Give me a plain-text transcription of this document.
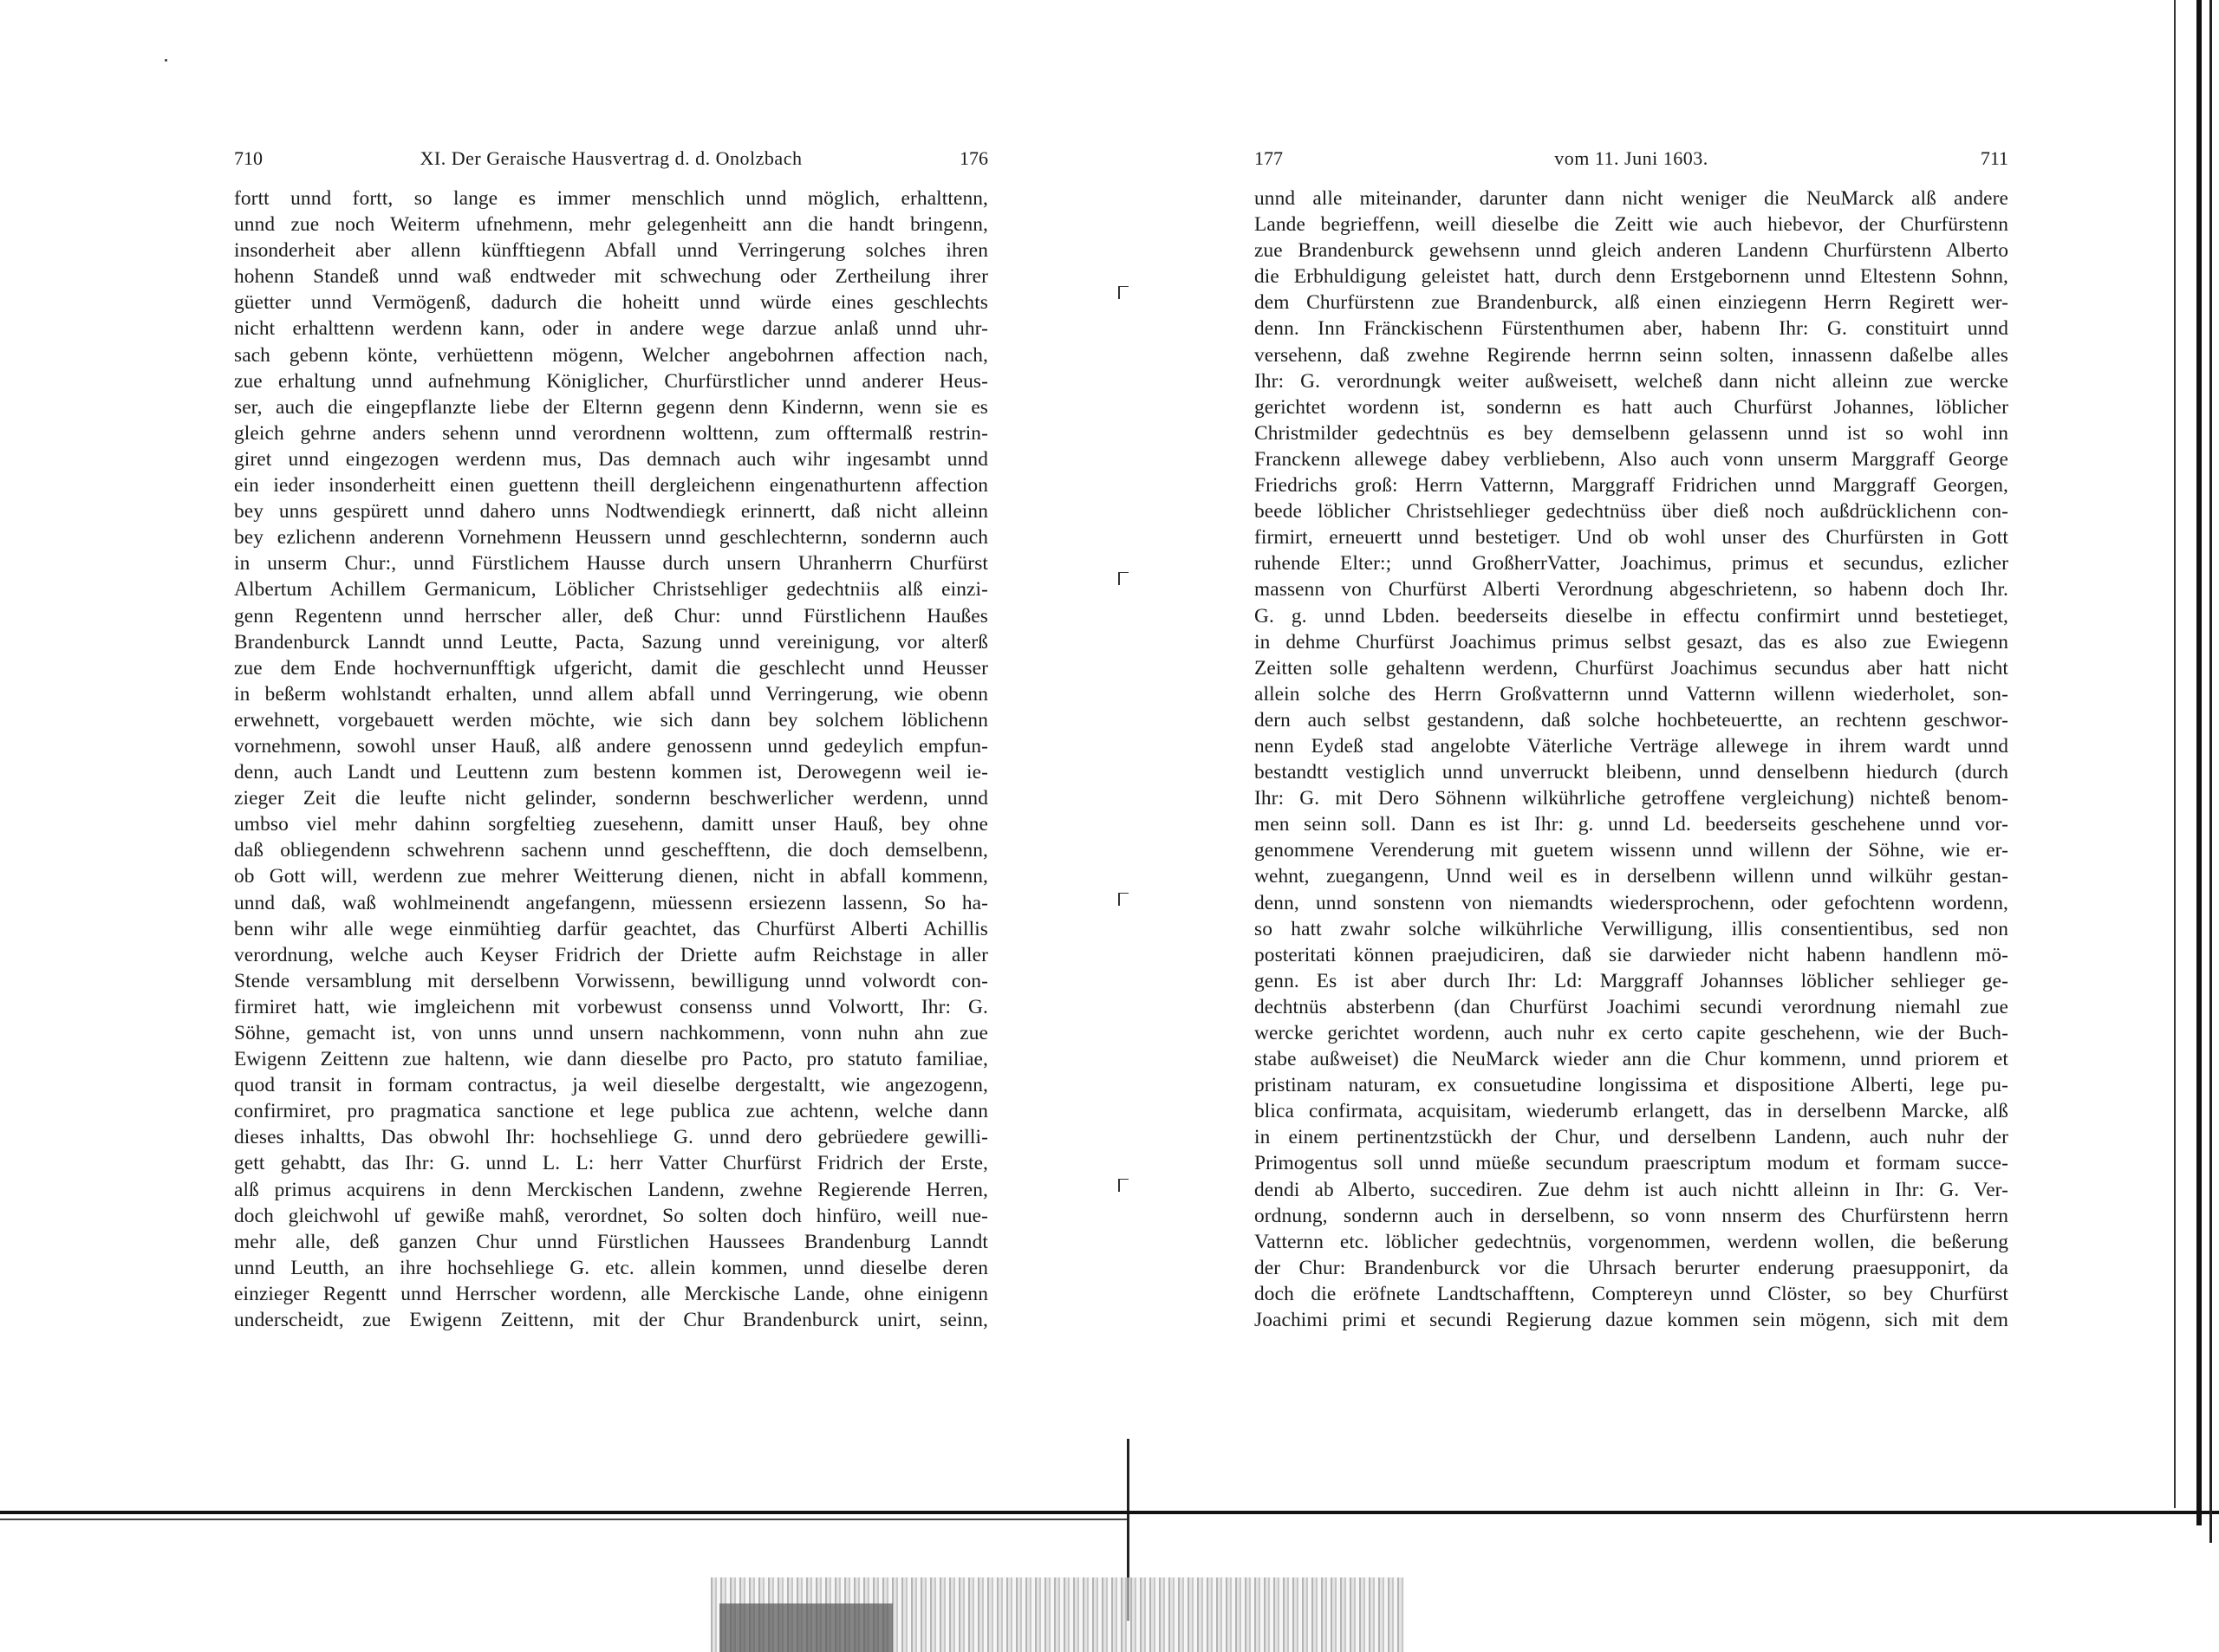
710	XI. Der Geraische Hausvertrag d. d. Onolzbach	176
fortt unnd fortt, so lange es immer menschlich unnd möglich, erhalttenn,
unnd zue noch Weiterm ufnehmenn, mehr gelegenheitt ann die handt bringenn,
insonderheit aber allenn künfftiegenn Abfall unnd Verringerung solches ihren
hohenn Standeß unnd waß endtweder mit schwechung oder Zertheilung ihrer
güetter unnd Vermögenß, dadurch die hoheitt unnd würde eines geschlechts
nicht erhalttenn werdenn kann, oder in andere wege darzue anlaß unnd uhr-
sach gebenn könte, verhüettenn mögenn, Welcher angebohrnen affection nach,
zue erhaltung unnd aufnehmung Königlicher, Churfürstlicher unnd anderer Heus-
ser, auch die eingepflanzte liebe der Elternn gegenn denn Kindernn, wenn sie es
gleich gehrne anders sehenn unnd verordnenn wolttenn, zum offtermalß restrin-
giret unnd eingezogen werdenn mus, Das demnach auch wihr ingesambt unnd
ein ieder insonderheitt einen guettenn theill dergleichenn eingenathurtenn affection
bey unns gespürett unnd dahero unns Nodtwendiegk erinnertt, daß nicht alleinn
bey ezlichenn anderenn Vornehmenn Heussern unnd geschlechternn, sondernn auch
in unserm Chur:, unnd Fürstlichem Hausse durch unsern Uhranherrn Churfürst
Albertum Achillem Germanicum, Löblicher Christsehliger gedechtniis alß einzi-
genn Regentenn unnd herrscher aller, deß Chur: unnd Fürstlichenn Haußes
Brandenburck Lanndt unnd Leutte, Pacta, Sazung unnd vereinigung, vor alterß
zue dem Ende hochvernunfftigk ufgericht, damit die geschlecht unnd Heusser
in beßerm wohlstandt erhalten, unnd allem abfall unnd Verringerung, wie obenn
erwehnett, vorgebauett werden möchte, wie sich dann bey solchem löblichenn
vornehmenn, sowohl unser Hauß, alß andere genossenn unnd gedeylich empfun-
denn, auch Landt und Leuttenn zum bestenn kommen ist, Derowegenn weil ie-
zieger Zeit die leufte nicht gelinder, sondernn beschwerlicher werdenn, unnd
umbso viel mehr dahinn sorgfeltieg zuesehenn, damitt unser Hauß, bey ohne
daß obliegendenn schwehrenn sachenn unnd geschefftenn, die doch demselbenn,
ob Gott will, werdenn zue mehrer Weitterung dienen, nicht in abfall kommenn,
unnd daß, waß wohlmeinendt angefangenn, müessenn ersiezenn lassenn, So ha-
benn wihr alle wege einmühtieg darfür geachtet, das Churfürst Alberti Achillis
verordnung, welche auch Keyser Fridrich der Driette aufm Reichstage in aller
Stende versamblung mit derselbenn Vorwissenn, bewilligung unnd volwordt con-
firmiret hatt, wie imgleichenn mit vorbewust consenss unnd Volwortt, Ihr: G.
Söhne, gemacht ist, von unns unnd unsern nachkommenn, vonn nuhn ahn zue
Ewigenn Zeittenn zue haltenn, wie dann dieselbe pro Pacto, pro statuto familiae,
quod transit in formam contractus, ja weil dieselbe dergestaltt, wie angezogenn,
confirmiret, pro pragmatica sanctione et lege publica zue achtenn, welche dann
dieses inhaltts, Das obwohl Ihr: hochsehliege G. unnd dero gebrüedere gewilli-
gett gehabtt, das Ihr: G. unnd L. L: herr Vatter Churfürst Fridrich der Erste,
alß primus acquirens in denn Merckischen Landenn, zwehne Regierende Herren,
doch gleichwohl uf gewiße mahß, verordnet, So solten doch hinfüro, weill nue-
mehr alle, deß ganzen Chur unnd Fürstlichen Haussees Brandenburg Lanndt
unnd Leutth, an ihre hochsehliege G. etc. allein kommen, unnd dieselbe deren
einzieger Regentt unnd Herrscher wordenn, alle Merckische Lande, ohne einigenn
underscheidt, zue Ewigenn Zeittenn, mit der Chur Brandenburck unirt, seinn,
177	vom 11. Juni 1603.	711
unnd alle miteinander, darunter dann nicht weniger die NeuMarck alß andere
Lande begrieffenn, weill dieselbe die Zeitt wie auch hiebevor, der Churfürstenn
zue Brandenburck gewehsenn unnd gleich anderen Landenn Churfürstenn Alberto
die Erbhuldigung geleistet hatt, durch denn Erstgebornenn unnd Eltestenn Sohnn,
dem Churfürstenn zue Brandenburck, alß einen einziegenn Herrn Regirett wer-
denn. Inn Fränckischenn Fürstenthumen aber, habenn Ihr: G. constituirt unnd
versehenn, daß zwehne Regirende herrnn seinn solten, innassenn daßelbe alles
Ihr: G. verordnungk weiter außweisett, welcheß dann nicht alleinn zue wercke
gerichtet wordenn ist, sondernn es hatt auch Churfürst Johannes, löblicher
Christmilder gedechtnüs es bey demselbenn gelassenn unnd ist so wohl inn
Franckenn allewege dabey verbliebenn, Also auch vonn unserm Marggraff George
Friedrichs groß: Herrn Vatternn, Marggraff Fridrichen unnd Marggraff Georgen,
beede löblicher Christsehlieger gedechtnüss über dieß noch außdrücklichenn con-
firmirt, erneuertt unnd bestetigет. Und ob wohl unser des Churfürsten in Gott
ruhende Elter:; unnd GroßherrVatter, Joachimus, primus et secundus, ezlicher
massenn von Churfürst Alberti Verordnung abgeschrietenn, so habenn doch Ihr.
G. g. unnd Lbden. beederseits dieselbe in effectu confirmirt unnd bestetieget,
in dehme Churfürst Joachimus primus selbst gesazt, das es also zue Ewiegenn
Zeitten solle gehaltenn werdenn, Churfürst Joachimus secundus aber hatt nicht
allein solche des Herrn Großvatternn unnd Vatternn willenn wiederholet, son-
dern auch selbst gestandenn, daß solche hochbeteuertte, an rechtenn geschwor-
nenn Eydeß stad angelobte Väterliche Verträge allewege in ihrem wardt unnd
bestandtt vestiglich unnd unverruckt bleibenn, unnd denselbenn hiedurch (durch
Ihr: G. mit Dero Söhnenn wilkührliche getroffene vergleichung) nichteß benom-
men seinn soll. Dann es ist Ihr: g. unnd Ld. beederseits geschehene unnd vor-
genommene Verenderung mit guetem wissenn unnd willenn der Söhne, wie er-
wehnt, zuegangenn, Unnd weil es in derselbenn willenn unnd wilkühr gestan-
denn, unnd sonstenn von niemandts wiedersprochenn, oder gefochtenn wordenn,
so hatt zwahr solche wilkührliche Verwilligung, illis consentientibus, sed non
posteritati könnеn praejudiciren, daß sie darwieder nicht habenn handlenn mö-
genn. Es ist aber durch Ihr: Ld: Marggraff Johannses löblicher sehlieger ge-
dechtnüs absterbenn (dan Churfürst Joachimi secundi verordnung niemahl zue
wercke gerichtet wordenn, auch nuhr ex certo capite geschehenn, wie der Buch-
stabe außweiset) die NeuMarck wieder ann die Chur kommenn, unnd priorem et
pristinam naturam, ex consuetudine longissima et dispositione Alberti, lege pu-
blica confirmata, acquisitam, wiederumb erlangett, das in derselbenn Marcke, alß
in einem pertinentzstückh der Chur, und derselbenn Landenn, auch nuhr der
Primogentus soll unnd müeße secundum praescriptum modum et formam succe-
dendi ab Alberto, succediren. Zue dehm ist auch nichtt alleinn in Ihr: G. Ver-
ordnung, sondernn auch in derselbenn, so vonn nnserm des Churfürstenn herrn
Vatternn etc. löblicher gedechtnüs, vorgenommen, werdenn wollen, die beßerung
der Chur: Brandenburck vor die Uhrsach berurter enderung praesupponirt, da
doch die eröfnete Landtschafftenn, Compterеyn unnd Clöster, so bey Churfürst
Joachimi primi et secundi Regierung dazue kommen sein mögenn, sich mit dem
